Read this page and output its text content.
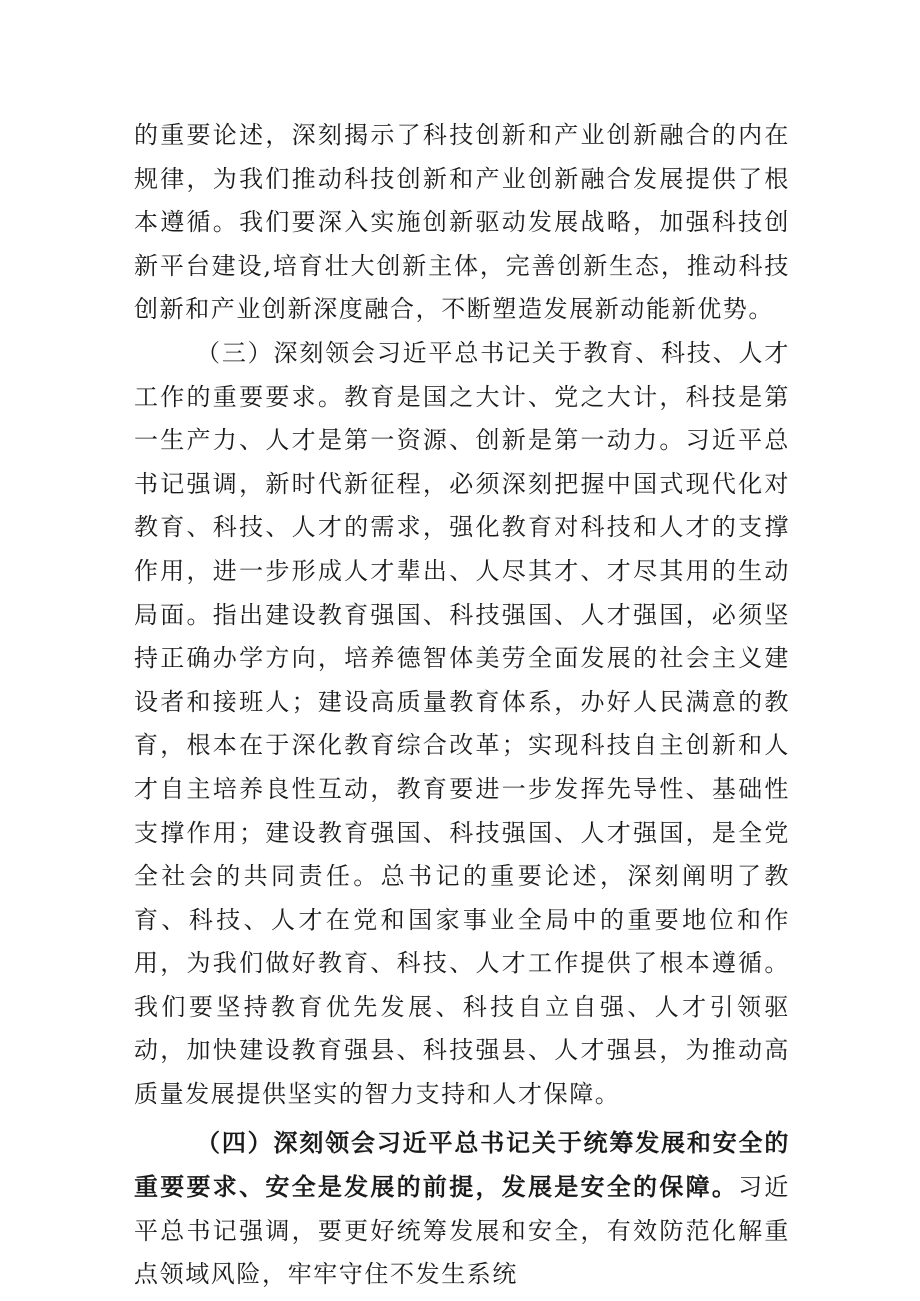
的重要论述，深刻揭示了科技创新和产业创新融合的内在规律，为我们推动科技创新和产业创新融合发展提供了根本遵循。我们要深入实施创新驱动发展战略，加强科技创新平台建设,培育壮大创新主体，完善创新生态，推动科技创新和产业创新深度融合，不断塑造发展新动能新优势。

（三）深刻领会习近平总书记关于教育、科技、人才工作的重要要求。教育是国之大计、党之大计，科技是第一生产力、人才是第一资源、创新是第一动力。习近平总书记强调，新时代新征程，必须深刻把握中国式现代化对教育、科技、人才的需求，强化教育对科技和人才的支撑作用，进一步形成人才辈出、人尽其才、才尽其用的生动局面。指出建设教育强国、科技强国、人才强国，必须坚持正确办学方向，培养德智体美劳全面发展的社会主义建设者和接班人；建设高质量教育体系，办好人民满意的教育，根本在于深化教育综合改革；实现科技自主创新和人才自主培养良性互动，教育要进一步发挥先导性、基础性支撑作用；建设教育强国、科技强国、人才强国，是全党全社会的共同责任。总书记的重要论述，深刻阐明了教育、科技、人才在党和国家事业全局中的重要地位和作用，为我们做好教育、科技、人才工作提供了根本遵循。我们要坚持教育优先发展、科技自立自强、人才引领驱动，加快建设教育强县、科技强县、人才强县，为推动高质量发展提供坚实的智力支持和人才保障。

（四）深刻领会习近平总书记关于统筹发展和安全的重要要求、安全是发展的前提，发展是安全的保障。习近平总书记强调，要更好统筹发展和安全，有效防范化解重点领域风险，牢牢守住不发生系统
